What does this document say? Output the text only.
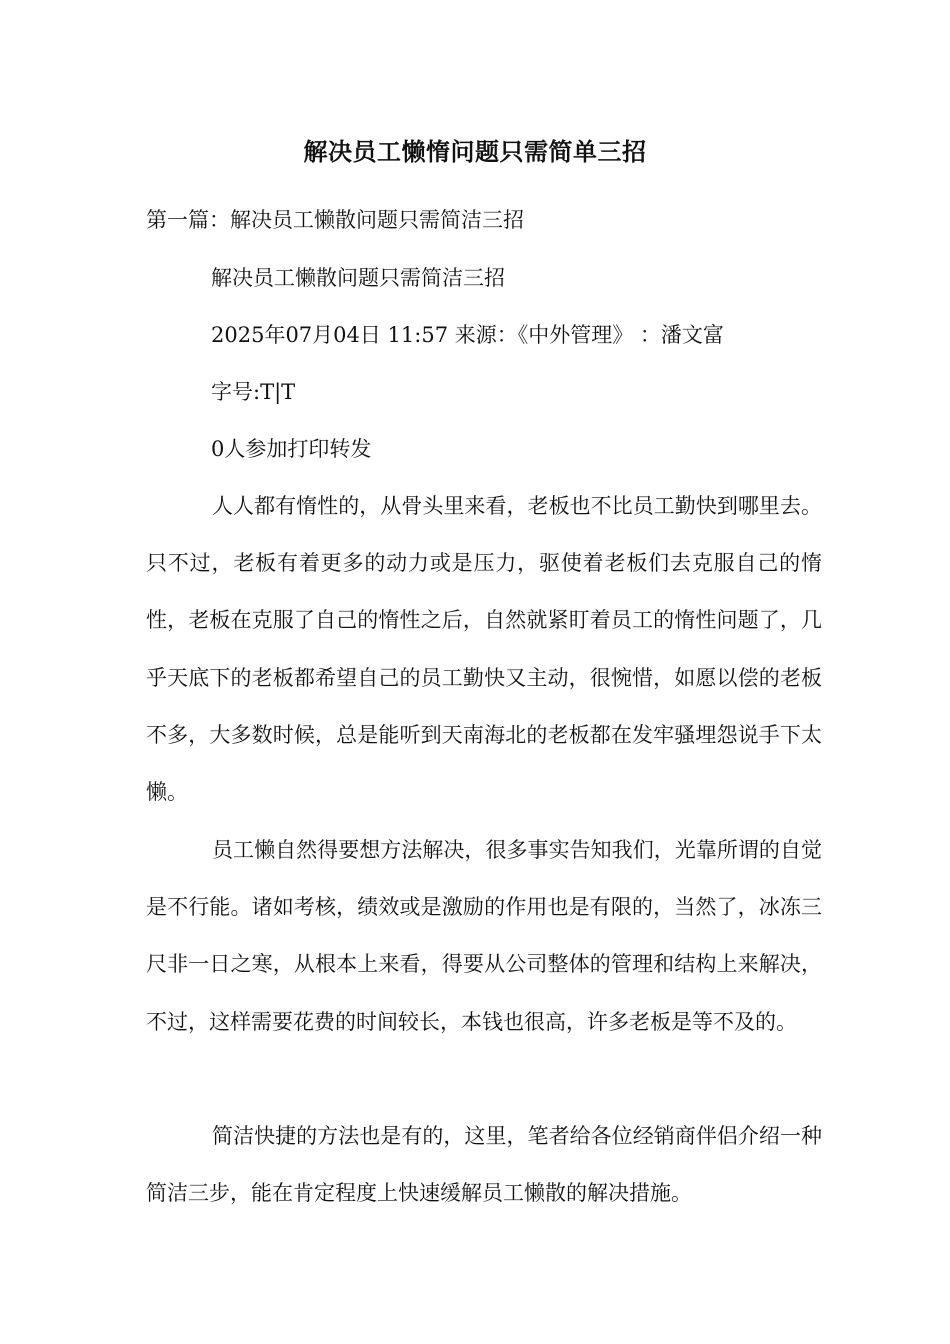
解决员工懒惰问题只需简单三招
第一篇：解决员工懒散问题只需简洁三招
解决员工懒散问题只需简洁三招
2025年07月04日 11:57 来源：《中外管理》 ：潘文富
字号:T|T
0人参加打印转发

人人都有惰性的，从骨头里来看，老板也不比员工勤快到哪里去。只不过，老板有着更多的动力或是压力，驱使着老板们去克服自己的惰性，老板在克服了自己的惰性之后，自然就紧盯着员工的惰性问题了，几乎天底下的老板都希望自己的员工勤快又主动，很惋惜，如愿以偿的老板不多，大多数时候，总是能听到天南海北的老板都在发牢骚埋怨说手下太懒。

员工懒自然得要想方法解决，很多事实告知我们，光靠所谓的自觉是不行能。诸如考核，绩效或是激励的作用也是有限的，当然了，冰冻三尺非一日之寒，从根本上来看，得要从公司整体的管理和结构上来解决，不过，这样需要花费的时间较长，本钱也很高，许多老板是等不及的。

简洁快捷的方法也是有的，这里，笔者给各位经销商伴侣介绍一种简洁三步，能在肯定程度上快速缓解员工懒散的解决措施。
